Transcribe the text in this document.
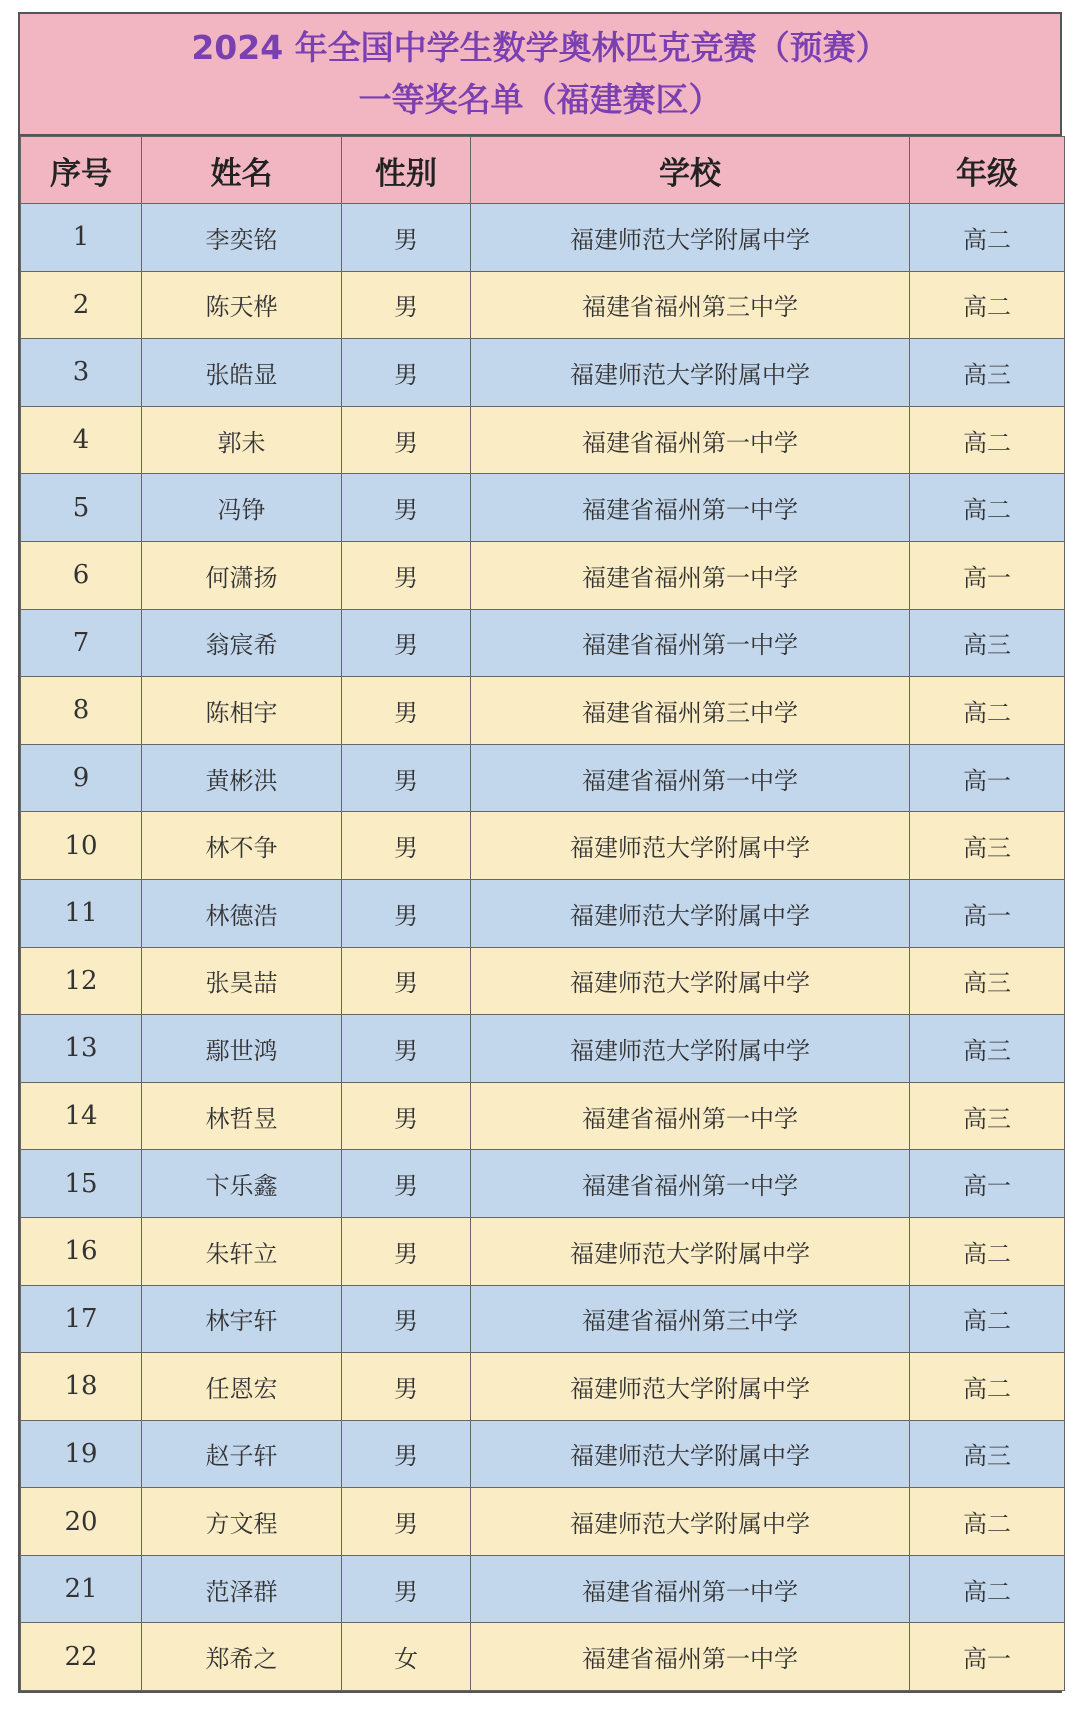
2024 年全国中学生数学奥林匹克竞赛（预赛）
一等奖名单（福建赛区）
序号	姓名	性别	学校	年级
1	李奕铭	男	福建师范大学附属中学	高二
2	陈天桦	男	福建省福州第三中学	高二
3	张皓显	男	福建师范大学附属中学	高三
4	郭未	男	福建省福州第一中学	高二
5	冯铮	男	福建省福州第一中学	高二
6	何潇扬	男	福建省福州第一中学	高一
7	翁宸希	男	福建省福州第一中学	高三
8	陈相宇	男	福建省福州第三中学	高二
9	黄彬洪	男	福建省福州第一中学	高一
10	林不争	男	福建师范大学附属中学	高三
11	林德浩	男	福建师范大学附属中学	高一
12	张昊喆	男	福建师范大学附属中学	高三
13	鄢世鸿	男	福建师范大学附属中学	高三
14	林哲昱	男	福建省福州第一中学	高三
15	卞乐鑫	男	福建省福州第一中学	高一
16	朱轩立	男	福建师范大学附属中学	高二
17	林宇轩	男	福建省福州第三中学	高二
18	任恩宏	男	福建师范大学附属中学	高二
19	赵子轩	男	福建师范大学附属中学	高三
20	方文程	男	福建师范大学附属中学	高二
21	范泽群	男	福建省福州第一中学	高二
22	郑希之	女	福建省福州第一中学	高一
